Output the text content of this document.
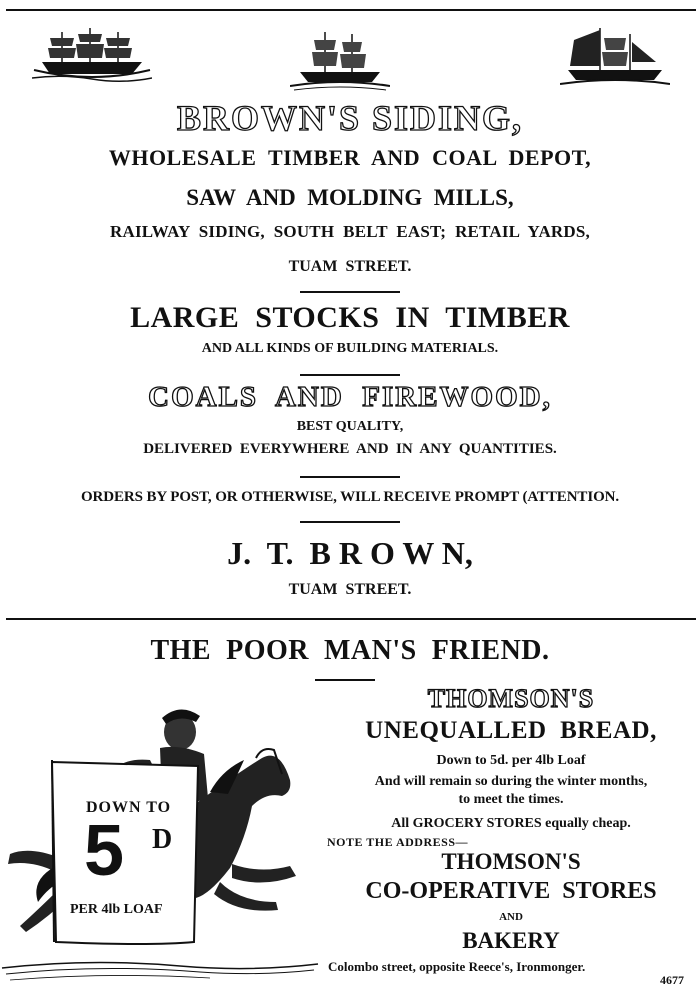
BROWN'S SIDING,
WHOLESALE  TIMBER  AND  COAL  DEPOT,
SAW  AND  MOLDING  MILLS,
RAILWAY  SIDING,  SOUTH  BELT  EAST;  RETAIL  YARDS,
TUAM  STREET.
LARGE  STOCKS  IN  TIMBER
AND ALL KINDS OF BUILDING MATERIALS.
COALS  AND  FIREWOOD,
BEST QUALITY,
DELIVERED  EVERYWHERE  AND  IN  ANY  QUANTITIES.
ORDERS BY POST, OR OTHERWISE, WILL RECEIVE PROMPT (ATTENTION.
J.  T.  B R O W N,
TUAM  STREET.
THE  POOR  MAN'S  FRIEND.
THOMSON'S
UNEQUALLED  BREAD,
Down to 5d. per 4lb Loaf
And will remain so during the winter months,
to meet the times.
All GROCERY STORES equally cheap.
NOTE THE ADDRESS—
THOMSON'S
CO-OPERATIVE  STORES
AND
BAKERY
Colombo street, opposite Reece's, Ironmonger.
4677
DOWN TO
5 D
PER 4lb LOAF
